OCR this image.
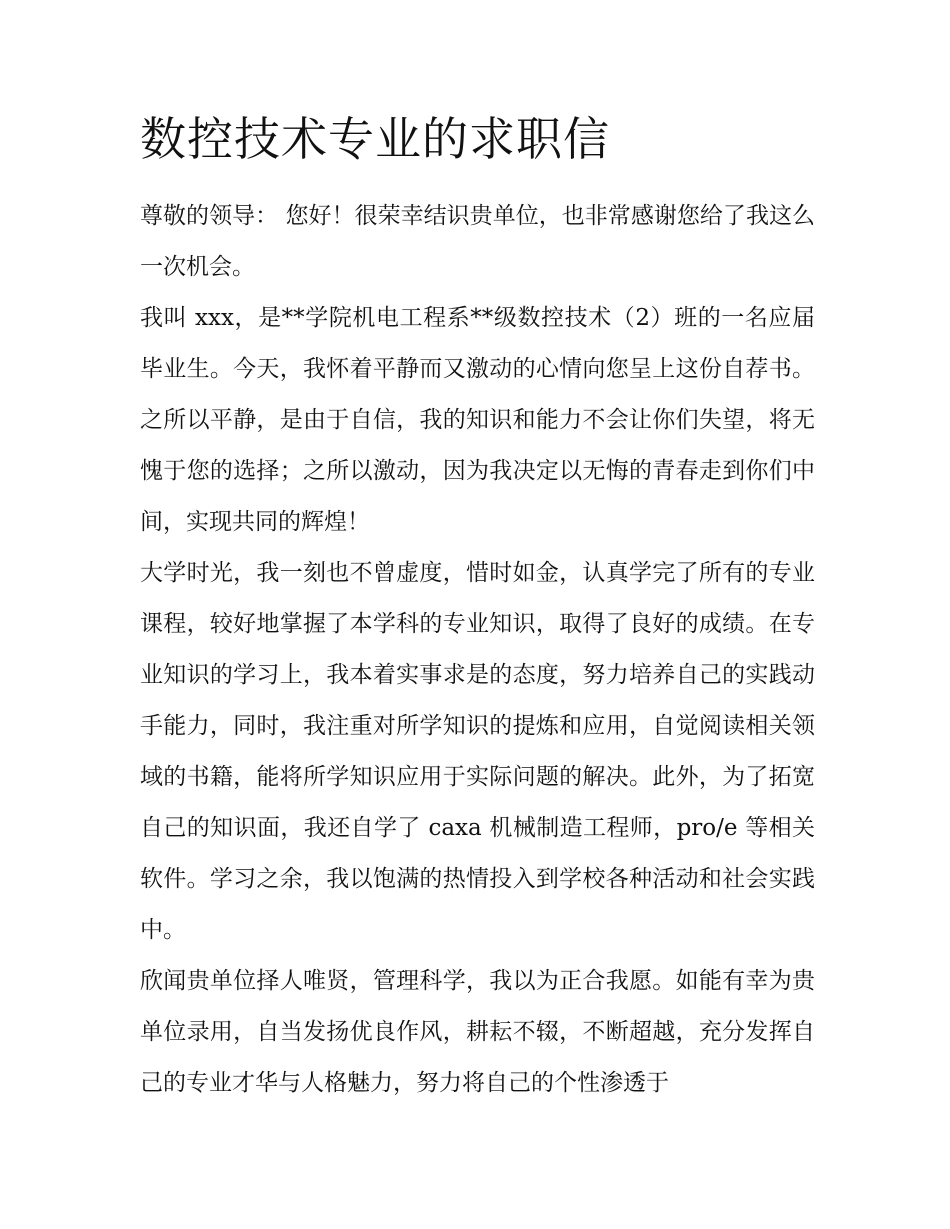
数控技术专业的求职信

尊敬的领导： 您好！很荣幸结识贵单位，也非常感谢您给了我这么一次机会。

我叫 xxx，是**学院机电工程系**级数控技术（2）班的一名应届毕业生。今天，我怀着平静而又激动的心情向您呈上这份自荐书。之所以平静，是由于自信，我的知识和能力不会让你们失望，将无愧于您的选择；之所以激动，因为我决定以无悔的青春走到你们中间，实现共同的辉煌！

大学时光，我一刻也不曾虚度，惜时如金，认真学完了所有的专业课程，较好地掌握了本学科的专业知识，取得了良好的成绩。在专业知识的学习上，我本着实事求是的态度，努力培养自己的实践动手能力，同时，我注重对所学知识的提炼和应用，自觉阅读相关领域的书籍，能将所学知识应用于实际问题的解决。此外，为了拓宽自己的知识面，我还自学了 caxa 机械制造工程师，pro/e 等相关软件。学习之余，我以饱满的热情投入到学校各种活动和社会实践中。

欣闻贵单位择人唯贤，管理科学，我以为正合我愿。如能有幸为贵单位录用，自当发扬优良作风，耕耘不辍，不断超越，充分发挥自己的专业才华与人格魅力，努力将自己的个性渗透于
